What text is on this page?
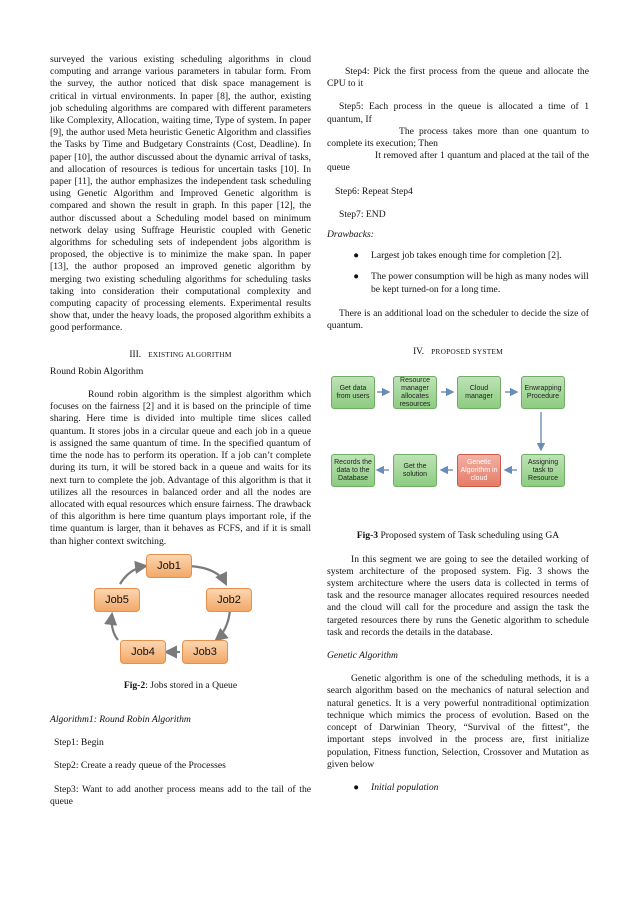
surveyed the various existing scheduling algorithms in cloud computing and arrange various parameters in tabular form. From the survey, the author noticed that disk space management is critical in virtual environments. In paper [8], the author, existing job scheduling algorithms are compared with different parameters like Complexity, Allocation, waiting time, Type of system. In paper [9], the author used Meta heuristic Genetic Algorithm and classifies the Tasks by Time and Budgetary Constraints (Cost, Deadline). In paper [10], the author discussed about the dynamic arrival of tasks, and allocation of resources is tedious for uncertain tasks [10]. In paper [11], the author emphasizes the independent task scheduling using Genetic Algorithm and Improved Genetic algorithm is compared and shown the result in graph. In this paper [12], the author discussed about a Scheduling model based on minimum network delay using Suffrage Heuristic coupled with Genetic algorithms for scheduling sets of independent jobs algorithm is proposed, the objective is to minimize the make span. In paper [13], the author proposed an improved genetic algorithm by merging two existing scheduling algorithms for scheduling tasks taking into consideration their computational complexity and computing capacity of processing elements. Experimental results show that, under the heavy loads, the proposed algorithm exhibits a good performance.

III. EXISTING ALGORITHM

Round Robin Algorithm

Round robin algorithm is the simplest algorithm which focuses on the fairness [2] and it is based on the principle of time sharing. Here time is divided into multiple time slices called quantum. It stores jobs in a circular queue and each job in a queue is assigned the same quantum of time. In the specified quantum of time the node has to perform its operation. If a job can’t complete during its turn, it will be stored back in a queue and waits for its next turn to complete the job. Advantage of this algorithm is that it utilizes all the resources in balanced order and all the nodes are allocated with equal resources which ensure fairness. The drawback of this algorithm is here time quantum plays important role, if the time quantum is larger, than it behaves as FCFS, and if it is small than higher context switching.

Job1
Job2
Job3
Job4
Job5

Fig-2: Jobs stored in a Queue

Algorithm1: Round Robin Algorithm

Step1: Begin

Step2: Create a ready queue of the Processes

Step3: Want to add another process means add to the tail of the queue

Step4: Pick the first process from the queue and allocate the CPU to it

Step5: Each process in the queue is allocated a time of 1 quantum, If

The process takes more than one quantum to complete its execution; Then

It removed after 1 quantum and placed at the tail of the queue

Step6: Repeat Step4

Step7: END

Drawbacks:

●	Largest job takes enough time for completion [2].
●	The power consumption will be high as many nodes will be kept turned-on for a long time.

There is an additional load on the scheduler to decide the size of quantum.

IV. PROPOSED SYSTEM
Get data from users
Resource manager allocates resources
Cloud manager
Enwrapping Procedure
Records the data to the Database
Get the solution
Genetic Algorithm in cloud
Assigning task to Resource

Fig-3 Proposed system of Task scheduling using GA

In this segment we are going to see the detailed working of system architecture of the proposed system. Fig. 3 shows the system architecture where the users data is collected in terms of task and the resource manager allocates required resources needed and the cloud will call for the procedure and assign the task the targeted resources there by runs the Genetic algorithm to schedule task and records the details in the database.

Genetic Algorithm

Genetic algorithm is one of the scheduling methods, it is a search algorithm based on the mechanics of natural selection and natural genetics. It is a very powerful nontraditional optimization technique which mimics the process of evolution. Based on the concept of Darwinian Theory, “Survival of the fittest”, the important steps involved in the process are, first initialize population, Fitness function, Selection, Crossover and Mutation as given below

●	Initial population
